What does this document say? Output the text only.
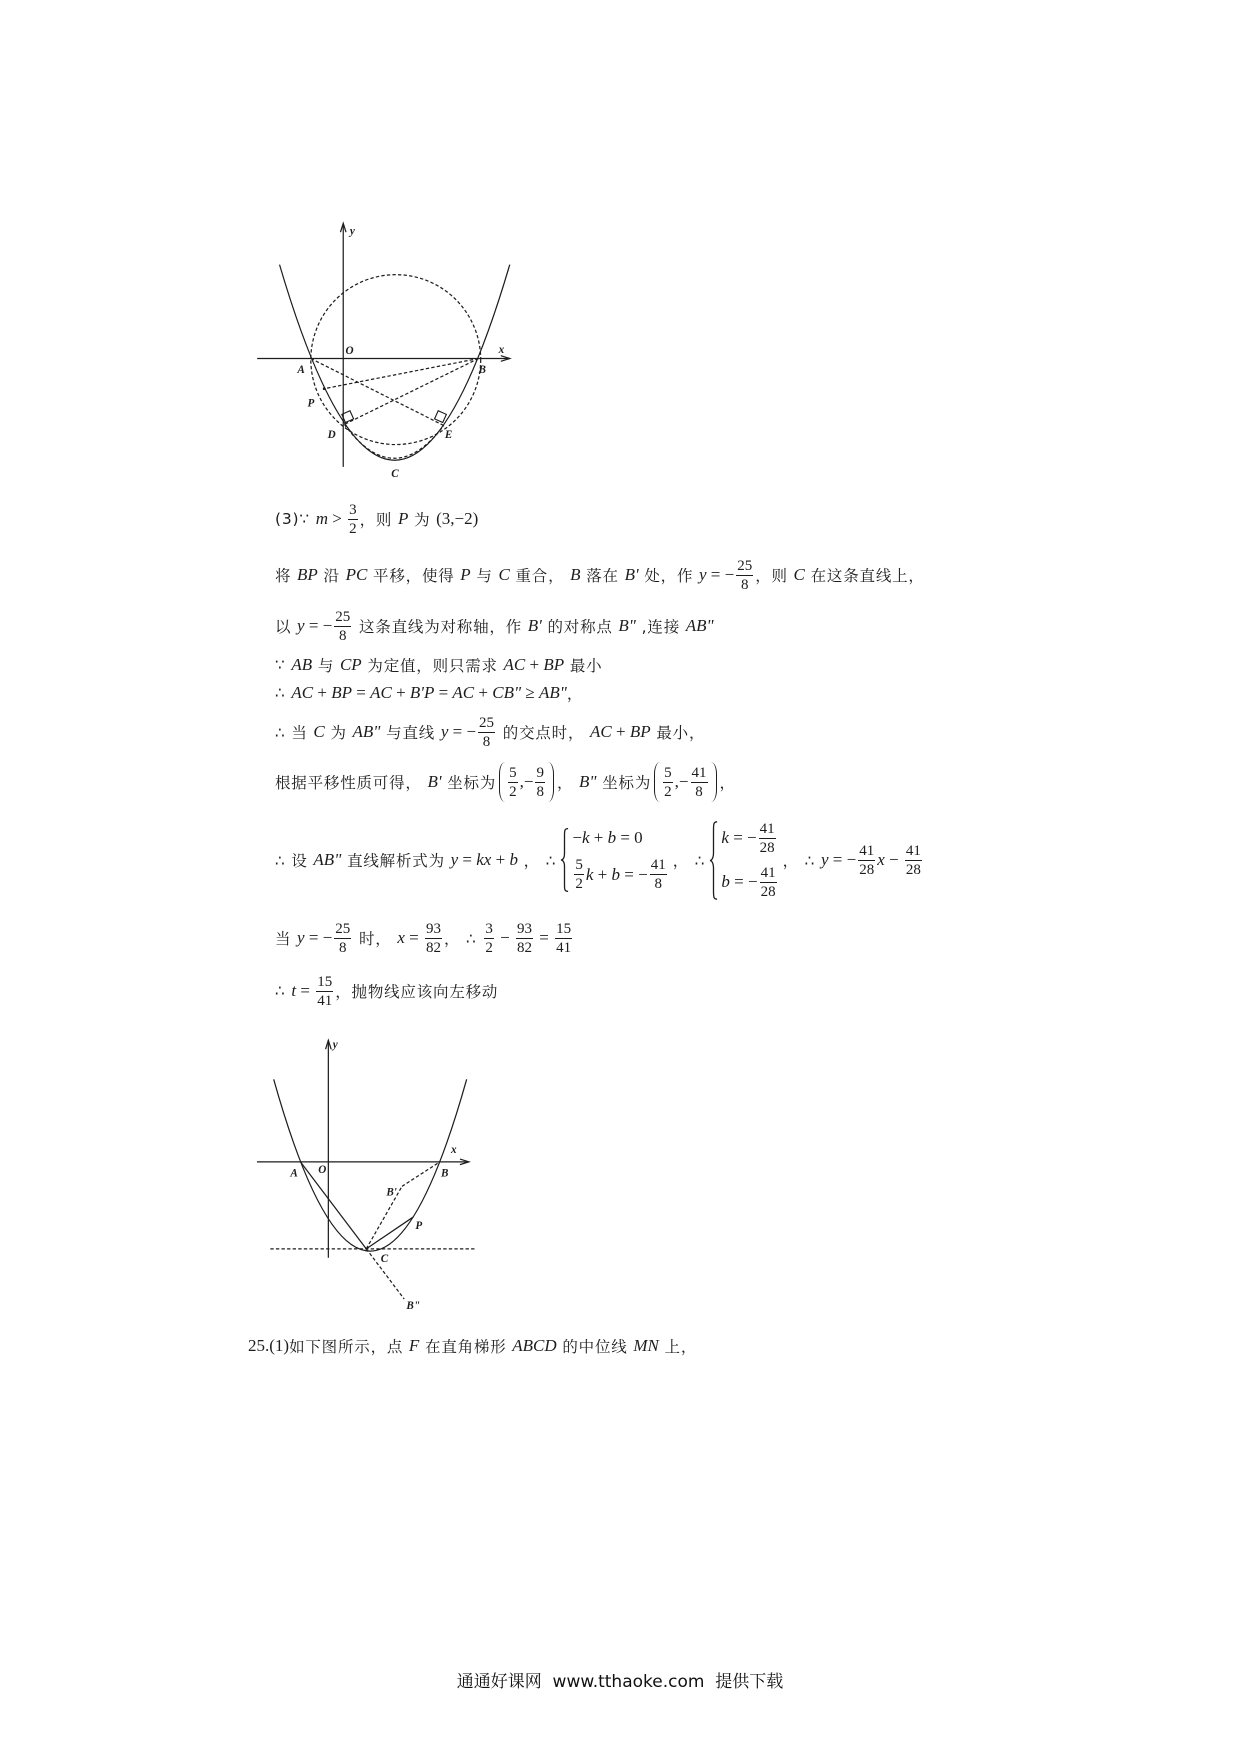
y
O	x
A	B
P
D	E
C
(3)∵ $m > \frac{3}{2}$ ，则 P 为 (3,−2)
将 BP 沿 PC 平移，使得 P 与 C 重合， B 落在 B' 处，作 y = − $\frac{25}{8}$ ，则 C 在这条直线上，
以 y = − $\frac{25}{8}$ 这条直线为对称轴，作 B' 的对称点 B" ,连接 AB"
∵ AB 与 CP 为定值，则只需求 AC + BP 最小
∴ AC + BP = AC + B'P = AC + CB" ≥ AB" ，
∴ 当 C 为 AB" 与直线 y = − $\frac{25}{8}$ 的交点时， AC + BP 最小，
根据平移性质可得， B' 坐标为 $\frac{5}{2}$ ,− $\frac{9}{8}$ ， B" 坐标为 $\frac{5}{2}$ ,− $\frac{41}{8}$ ，
∴ 设 AB" 直线解析式为 y = kx + b ， ∴
− k + b = 0
$\frac{5}{2}$ k + b = − $\frac{41}{8}$ ， ∴
k = − $\frac{41}{28}$
b = − $\frac{41}{28}$
， ∴ y = − $\frac{41}{28}$ $x - \frac{41}{28}$
当 y = − $\frac{25}{8}$ 时， $x = \frac{93}{82}$ ， ∴ $\frac{3}{2} - \frac{93}{82} = \frac{15}{41}$
∴ $t = \frac{15}{41}$ ，抛物线应该向左移动
y
x
A O	B
B'
P
C
B"
25.(1) 如下图所示，点 F 在直角梯形 ABCD 的中位线 MN 上，
通通好课网  www.tthaoke.com  提供下载
